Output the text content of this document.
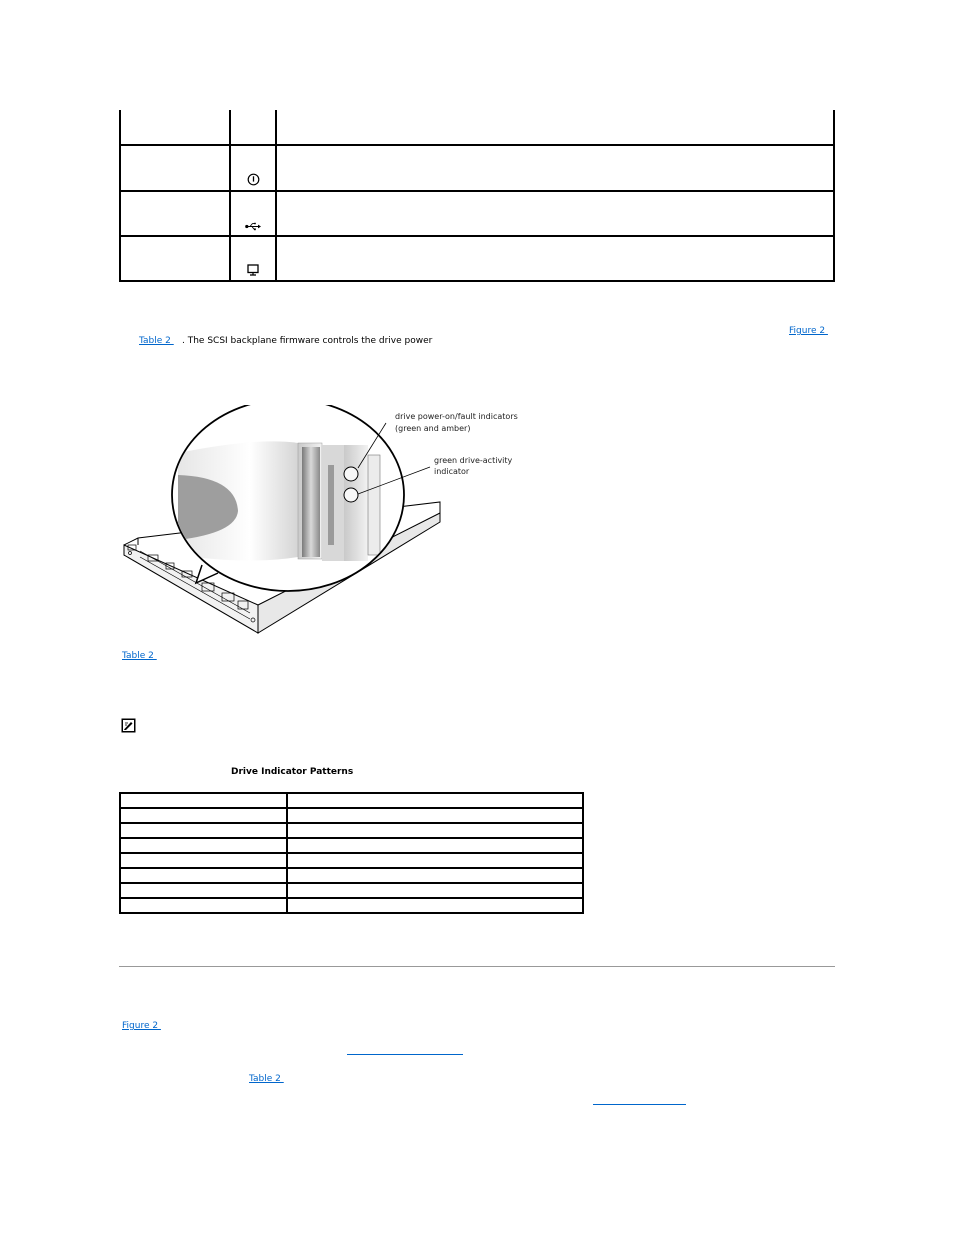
Figure 2
Table 2 . The SCSI backplane firmware controls the drive power
drive power-on/fault indicators
(green and amber)
green drive-activity
indicator
Table 2
Drive Indicator Patterns

Figure 2
Table 2
